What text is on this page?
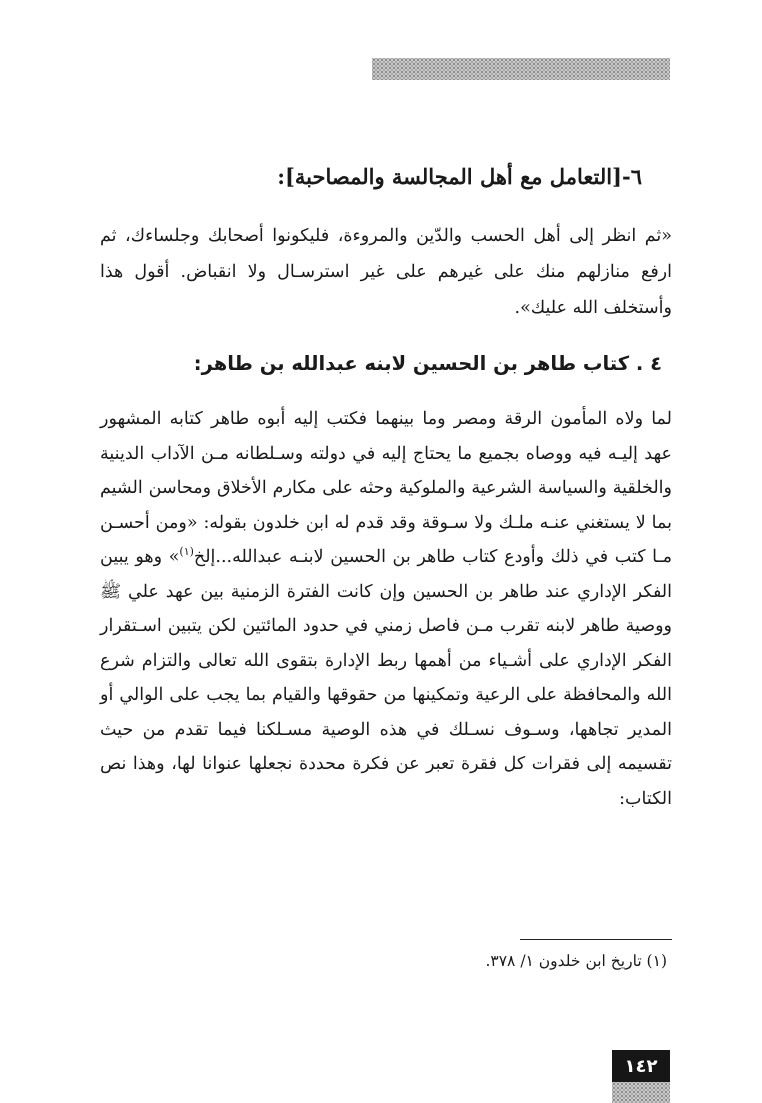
٦-[التعامل مع أهل المجالسة والمصاحبة]:
«ثم انظر إلى أهل الحسب والدّين والمروءة، فليكونوا أصحابك وجلساءك، ثم ارفع منازلهم منك على غيرهم على غير استرسـال ولا انقباض. أقول هذا وأستخلف الله عليك».
٤ . كتاب طاهر بن الحسين لابنه عبدالله بن طاهر:
لما ولاه المأمون الرقة ومصر وما بينهما فكتب إليه أبوه طاهر كتابه المشهور عهد إليـه فيه ووصاه بجميع ما يحتاج إليه في دولته وسـلطانه مـن الآداب الدينية والخلقية والسياسة الشرعية والملوكية وحثه على مكارم الأخلاق ومحاسن الشيم بما لا يستغني عنـه ملـك ولا سـوقة وقد قدم له ابن خلدون بقوله: «ومن أحسـن مـا كتب في ذلك وأودع كتاب طاهر بن الحسين لابنـه عبدالله...إلخ$^{(١)}$» وهو يبين الفكر الإداري عند طاهر بن الحسين وإن كانت الفترة الزمنية بين عهد علي ﷺ ووصية طاهر لابنه تقرب مـن فاصل زمني في حدود المائتين لكن يتبين اسـتقرار الفكر الإداري على أشـياء من أهمها ربط الإدارة بتقوى الله تعالى والتزام شرع الله والمحافظة على الرعية وتمكينها من حقوقها والقيام بما يجب على الوالي أو المدير تجاهها، وسـوف نسـلك في هذه الوصية مسـلكنا فيما تقدم من حيث تقسيمه إلى فقرات كل فقرة تعبر عن فكرة محددة نجعلها عنوانا لها، وهذا نص الكتاب:
(١) تاريخ ابن خلدون ١/ ٣٧٨.
١٤٢
